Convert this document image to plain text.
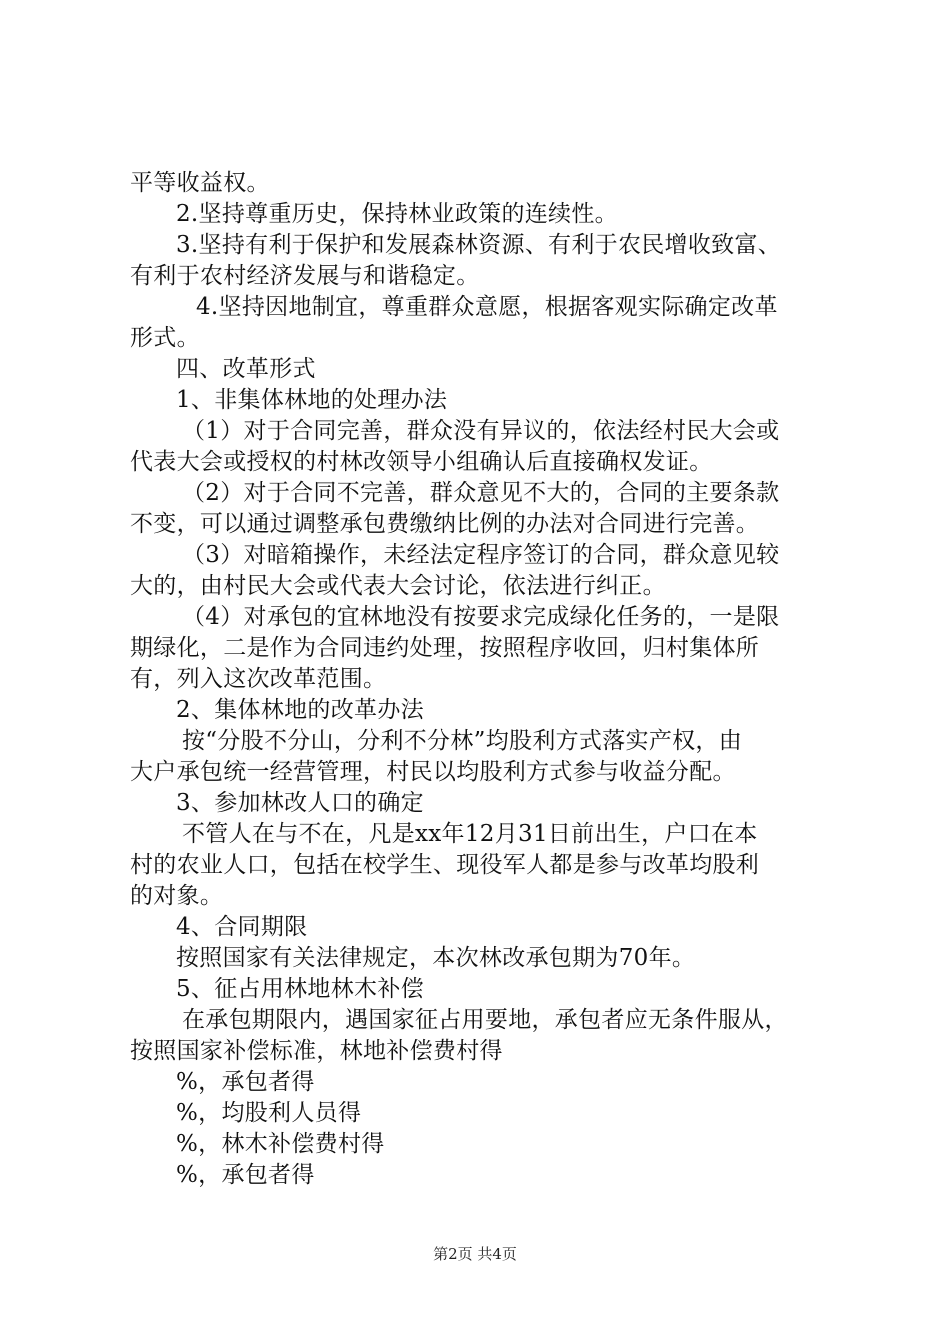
平等收益权。
2.坚持尊重历史，保持林业政策的连续性。
3.坚持有利于保护和发展森林资源、有利于农民增收致富、
有利于农村经济发展与和谐稳定。
4.坚持因地制宜，尊重群众意愿，根据客观实际确定改革
形式。
四、改革形式
1、非集体林地的处理办法
（1）对于合同完善，群众没有异议的，依法经村民大会或
代表大会或授权的村林改领导小组确认后直接确权发证。
（2）对于合同不完善，群众意见不大的，合同的主要条款
不变，可以通过调整承包费缴纳比例的办法对合同进行完善。
（3）对暗箱操作，未经法定程序签订的合同，群众意见较
大的，由村民大会或代表大会讨论，依法进行纠正。
（4）对承包的宜林地没有按要求完成绿化任务的，一是限
期绿化，二是作为合同违约处理，按照程序收回，归村集体所
有，列入这次改革范围。
2、集体林地的改革办法
按“分股不分山，分利不分林”均股利方式落实产权，由
大户承包统一经营管理，村民以均股利方式参与收益分配。
3、参加林改人口的确定
不管人在与不在，凡是xx年12月31日前出生，户口在本
村的农业人口，包括在校学生、现役军人都是参与改革均股利
的对象。
4、合同期限
按照国家有关法律规定，本次林改承包期为70年。
5、征占用林地林木补偿
在承包期限内，遇国家征占用要地，承包者应无条件服从，
按照国家补偿标准，林地补偿费村得
%，承包者得
%，均股利人员得
%，林木补偿费村得
%，承包者得
第2页 共4页
